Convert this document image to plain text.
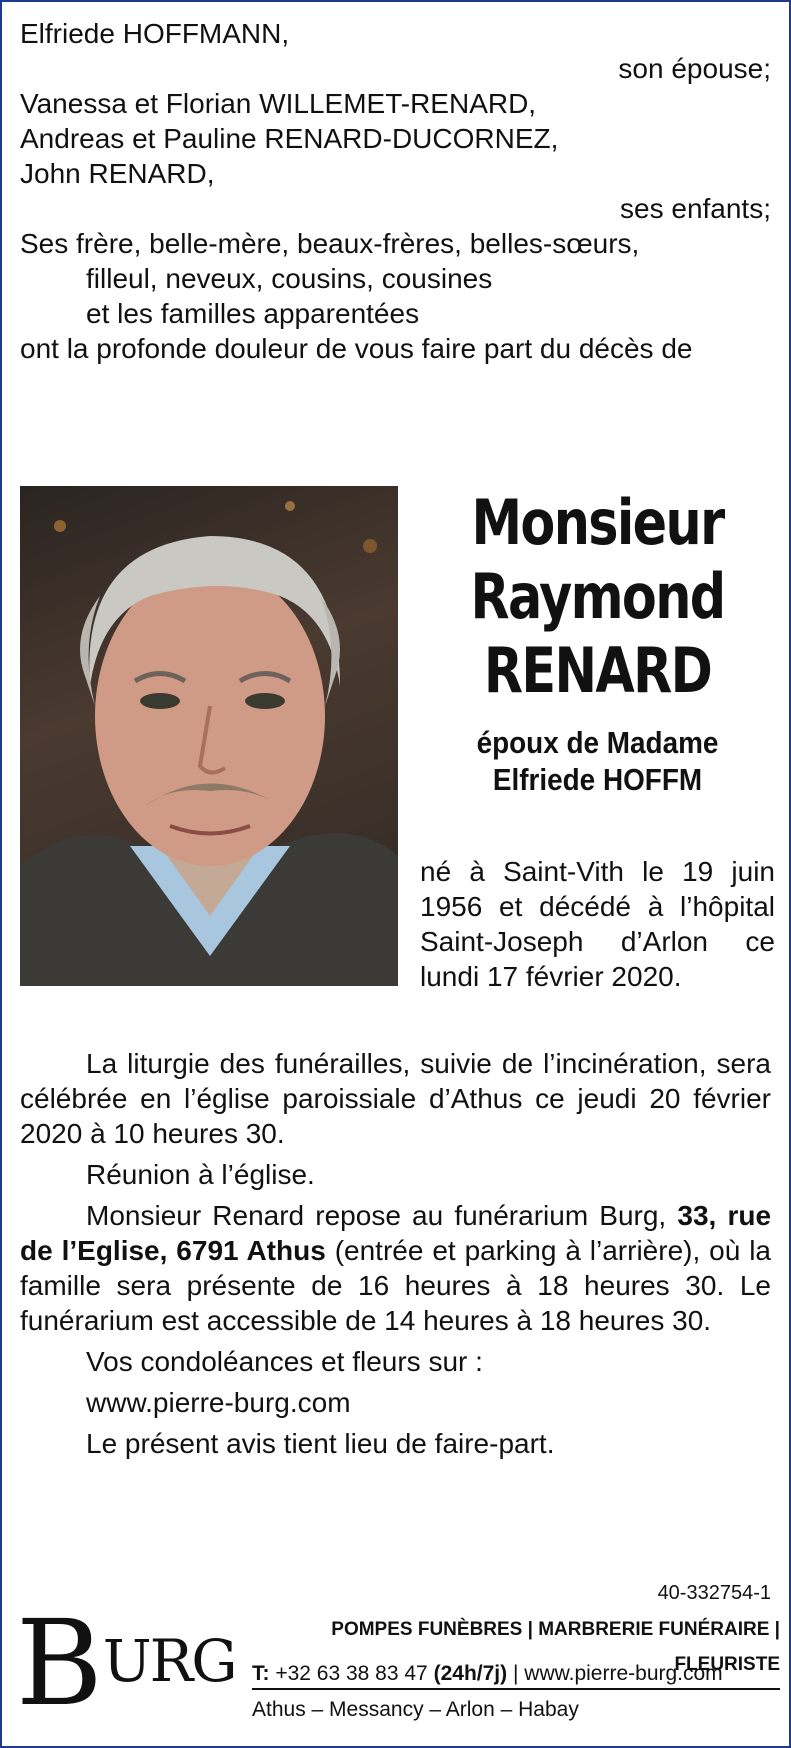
Elfriede HOFFMANN,
son épouse;
Vanessa et Florian WILLEMET-RENARD,
Andreas et Pauline RENARD-DUCORNEZ,
John RENARD,
ses enfants;
Ses frère, belle-mère, beaux-frères, belles-sœurs,
filleul, neveux, cousins, cousines
et les familles apparentées
ont la profonde douleur de vous faire part du décès de
Monsieur
Raymond
RENARD
époux de Madame
Elfriede HOFFM
né à Saint-Vith le 19 juin 1956 et décédé à l’hôpital Saint-Joseph d’Arlon ce lundi 17 février 2020.
La liturgie des funérailles, suivie de l’incinération, sera célébrée en l’église paroissiale d’Athus ce jeudi 20 février 2020 à 10 heures 30.
Réunion à l’église.
Monsieur Renard repose au funérarium Burg, 33, rue de l’Eglise, 6791 Athus (entrée et parking à l’arrière), où la famille sera présente de 16 heures à 18 heures 30. Le funérarium est accessible de 14 heures à 18 heures 30.
Vos condoléances et fleurs sur :
www.pierre-burg.com
Le présent avis tient lieu de faire-part.
40-332754-1
BURG	POMPES FUNÈBRES | MARBRERIE FUNÉRAIRE | FLEURISTE
T: +32 63 38 83 47 (24h/7j) | www.pierre-burg.com
Athus – Messancy – Arlon – Habay
